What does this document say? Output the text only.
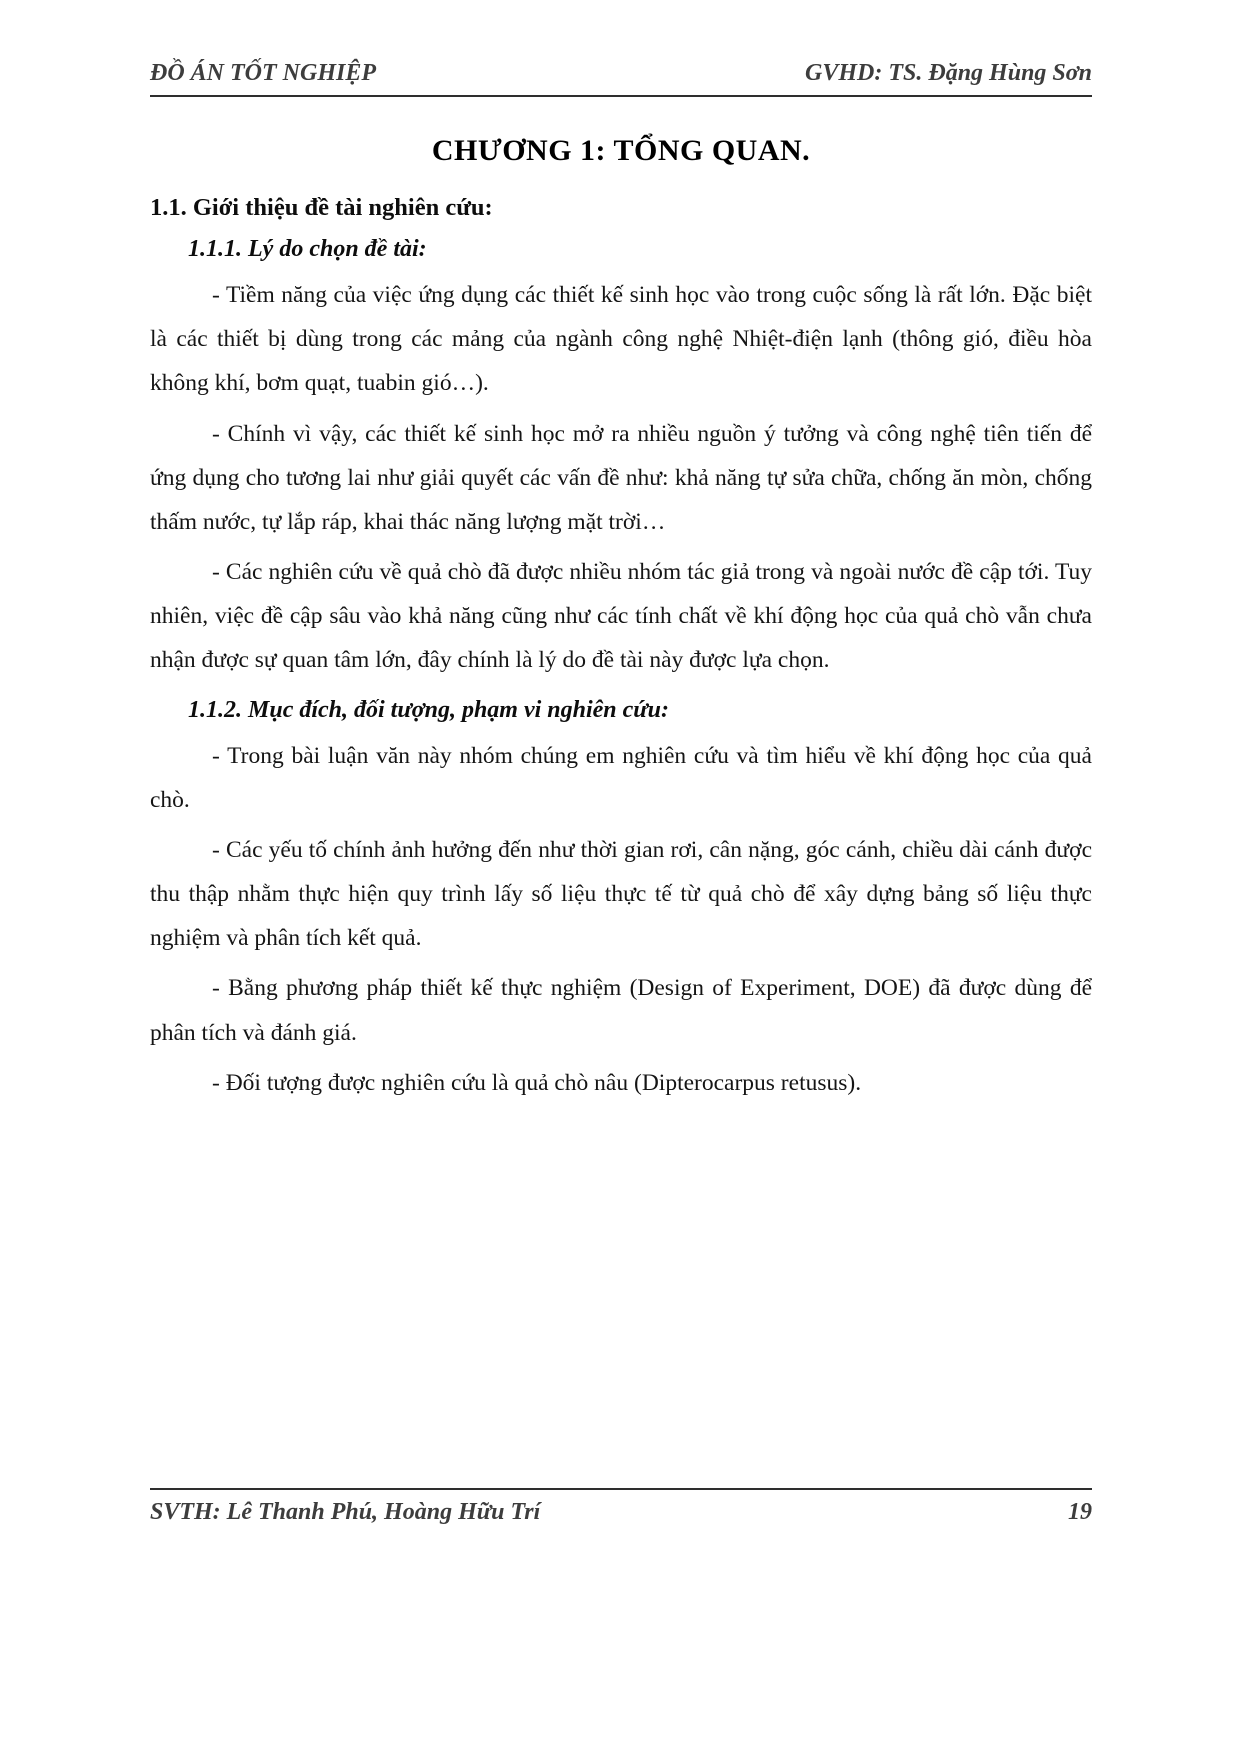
ĐỒ ÁN TỐT NGHIỆP	GVHD: TS. Đặng Hùng Sơn
CHƯƠNG 1: TỔNG QUAN.
1.1. Giới thiệu đề tài nghiên cứu:
1.1.1. Lý do chọn đề tài:

- Tiềm năng của việc ứng dụng các thiết kế sinh học vào trong cuộc sống là rất lớn. Đặc biệt là các thiết bị dùng trong các mảng của ngành công nghệ Nhiệt-điện lạnh (thông gió, điều hòa không khí, bơm quạt, tuabin gió…).

- Chính vì vậy, các thiết kế sinh học mở ra nhiều nguồn ý tưởng và công nghệ tiên tiến để ứng dụng cho tương lai như giải quyết các vấn đề như: khả năng tự sửa chữa, chống ăn mòn, chống thấm nước, tự lắp ráp, khai thác năng lượng mặt trời…

- Các nghiên cứu về quả chò đã được nhiều nhóm tác giả trong và ngoài nước đề cập tới. Tuy nhiên, việc đề cập sâu vào khả năng cũng như các tính chất về khí động học của quả chò vẫn chưa nhận được sự quan tâm lớn, đây chính là lý do đề tài này được lựa chọn.

1.1.2. Mục đích, đối tượng, phạm vi nghiên cứu:

- Trong bài luận văn này nhóm chúng em nghiên cứu và tìm hiểu về khí động học của quả chò.

- Các yếu tố chính ảnh hưởng đến như thời gian rơi, cân nặng, góc cánh, chiều dài cánh được thu thập nhằm thực hiện quy trình lấy số liệu thực tế từ quả chò để xây dựng bảng số liệu thực nghiệm và phân tích kết quả.

- Bằng phương pháp thiết kế thực nghiệm (Design of Experiment, DOE) đã được dùng để phân tích và đánh giá.

- Đối tượng được nghiên cứu là quả chò nâu (Dipterocarpus retusus).

SVTH: Lê Thanh Phú, Hoàng Hữu Trí	19
